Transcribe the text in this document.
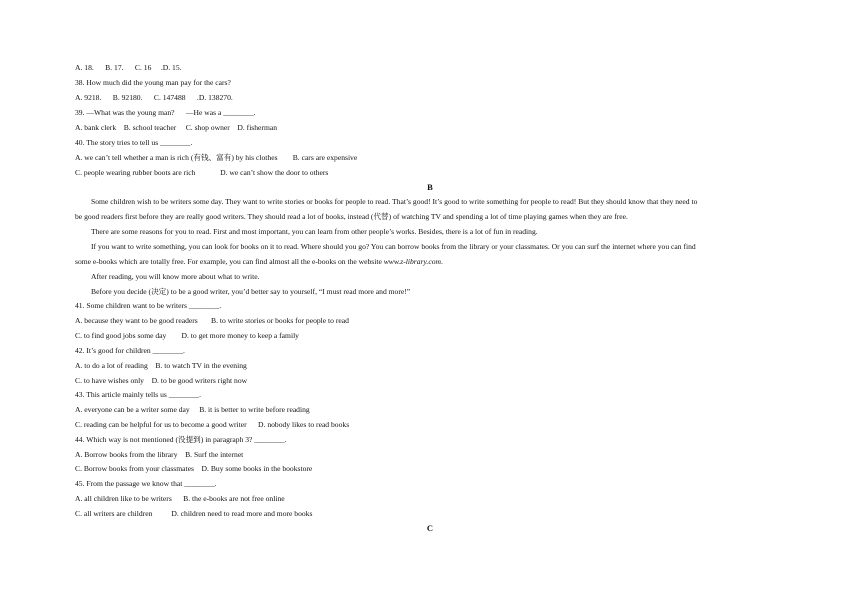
A. 18.      B. 17.      C. 16     .D. 15.
38. How much did the young man pay for the cars?
A. 9218.      B. 92180.      C. 147488      .D. 138270.
39. —What was the young man?      —He was a ________.
A. bank clerk    B. school teacher     C. shop owner    D. fisherman
40. The story tries to tell us ________.
A. we can’t tell whether a man is rich (有钱、富有) by his clothes        B. cars are expensive
C. people wearing rubber boots are rich             D. we can’t show the door to others
B
Some children wish to be writers some day. They want to write stories or books for people to read. That’s good! It’s good to write something for people to read! But they should know that they need to
be good readers first before they are really good writers. They should read a lot of books, instead (代替) of watching TV and spending a lot of time playing games when they are free.
There are some reasons for you to read. First and most important, you can learn from other people’s works. Besides, there is a lot of fun in reading.
If you want to write something, you can look for books on it to read. Where should you go? You can borrow books from the library or your classmates. Or you can surf the internet where you can find
some e-books which are totally free. For example, you can find almost all the e-books on the website www.z-library.com.
After reading, you will know more about what to write.
Before you decide (决定) to be a good writer, you’d better say to yourself, “I must read more and more!”
41. Some children want to be writers ________.
A. because they want to be good readers       B. to write stories or books for people to read
C. to find good jobs some day        D. to get more money to keep a family
42. It’s good for children ________.
A. to do a lot of reading    B. to watch TV in the evening
C. to have wishes only    D. to be good writers right now
43. This article mainly tells us ________.
A. everyone can be a writer some day     B. it is better to write before reading
C. reading can be helpful for us to become a good writer      D. nobody likes to read books
44. Which way is not mentioned (没提到) in paragraph 3? ________.
A. Borrow books from the library    B. Surf the internet
C. Borrow books from your classmates    D. Buy some books in the bookstore
45. From the passage we know that ________.
A. all children like to be writers      B. the e-books are not free online
C. all writers are children          D. children need to read more and more books
C
